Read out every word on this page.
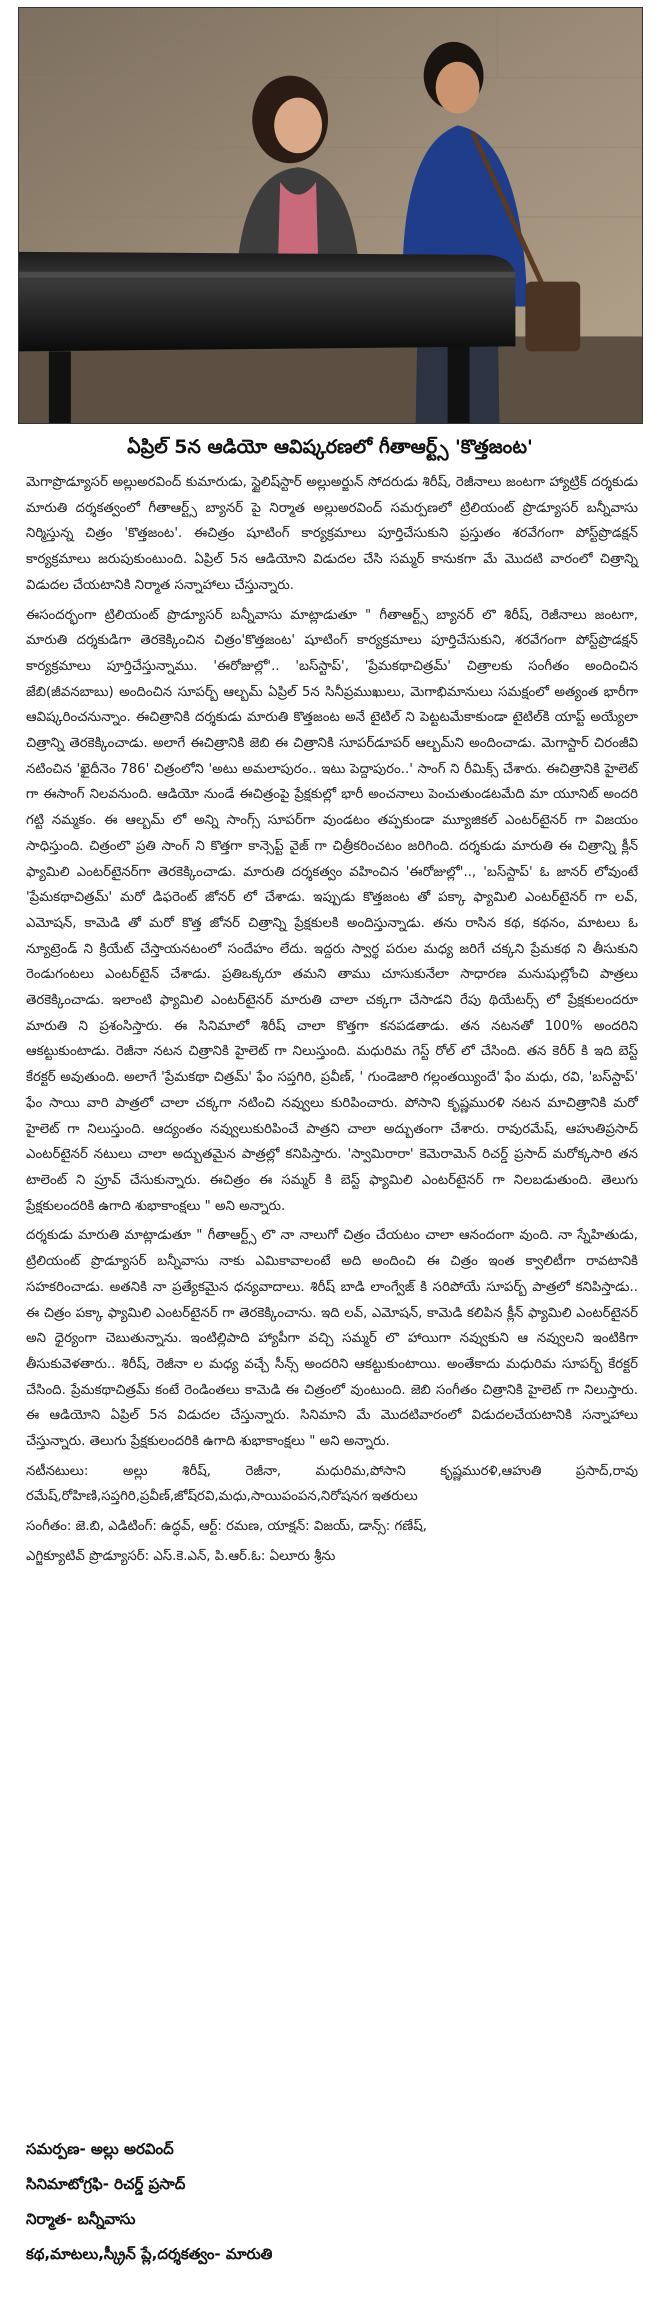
ఏప్రిల్ 5న ఆడియో ఆవిష్కరణలో గీతాఆర్ట్స్ 'కొత్తజంట'

మెగాప్రొడ్యూసర్ అల్లుఅరవింద్ కుమారుడు, స్టైలిష్‌స్టార్ అల్లుఅర్జున్ సోదరుడు శిరీష్, రెజీనాలు జంటగా హ్యాట్రిక్ దర్శకుడు మారుతి దర్శకత్వంలో గీతాఆర్ట్స్ బ్యానర్ పై నిర్మాత అల్లుఅరవింద్ సమర్పణలో ట్రిలియంట్ ప్రొడ్యూసర్ బన్నీవాసు నిర్మిస్తున్న చిత్రం 'కొత్తజంట'. ఈచిత్రం షూటింగ్ కార్యక్రమాలు పూర్తిచేసుకుని ప్రస్తుతం శరవేగంగా పోస్ట్‌ప్రొడక్షన్ కార్యక్రమాలు జరుపుకుంటుంది. ఏప్రిల్ 5న ఆడియోని విడుదల చేసి సమ్మర్ కానుకగా మే మొదటి వారంలో చిత్రాన్ని విడుదల చేయటానికి నిర్మాత సన్నాహాలు చేస్తున్నారు.

ఈసందర్భంగా ట్రిలియంట్ ప్రొడ్యూసర్ బన్నీవాసు మాట్లాడుతూ " గీతాఆర్ట్స్ బ్యానర్ లొ శిరీష్, రెజీనాలు జంటగా, మారుతి దర్శకుడిగా తెరకెక్కించిన చిత్రం'కొత్తజంట' షూటింగ్ కార్యక్రమాలు పూర్తిచేసుకుని, శరవేగంగా పోస్ట్‌ప్రొడక్షన్ కార్యక్రమాలు పూర్తిచేస్తున్నాము. 'ఈరోజుల్లో'.. 'బస్‌స్టాప్', 'ప్రేమకథాచిత్రమ్' చిత్రాలకు సంగీతం అందించిన జేబి(జీవనబాబు) అందించిన సూపర్బ్ ఆల్బమ్ ఏప్రిల్ 5న సినీప్రముఖులు, మెగాభిమానులు సమక్షంలో అత్యంత భారీగా ఆవిష్కరించనున్నాం. ఈచిత్రానికి దర్శకుడు మారుతి కొత్తజంట అనే టైటిల్ ని పెట్టటమేకాకుండా టైటిల్‌కి యాప్ట్ అయ్యేలా చిత్రాన్ని తెరకెక్కించాడు. అలాగే ఈచిత్రానికి జెబి ఈ చిత్రానికి సూపర్‌డూపర్ ఆల్బమ్‌ని అందించాడు. మెగాస్టార్ చిరంజీవి నటించిన 'ఖైదీనెం 786' చిత్రంలోని 'అటు అమలాపురం.. ఇటు పెద్దాపురం..' సాంగ్ ని రీమిక్స్ చేశారు. ఈచిత్రానికి హైలెట్ గా ఈసాంగ్ నిలవనుంది. ఆడియో నుండే ఈచిత్రంపై ప్రేక్షకుల్లో భారీ అంచనాలు పెంచుతుండటమేది మా యూనిట్ అందరి గట్టి నమ్మకం. ఈ ఆల్బమ్ లో అన్ని సాంగ్స్ సూపర్‌గా వుండటం తప్పకుండా మ్యూజికల్ ఎంటర్‌టైనర్ గా విజయం సాధిస్తుంది. చిత్రంలొ ప్రతి సాంగ్ ని కొత్తగా కాన్సెప్ట్ వైజ్ గా చిత్రీకరించటం జరిగింది. దర్శకుడు మారుతి ఈ చిత్రాన్ని క్లీన్ ఫ్యామిలి ఎంటర్‌టైనర్‌గా తెరకెక్కించాడు. మారుతి దర్శకత్వం వహించిన 'ఈరోజుల్లో'.., 'బస్‌స్టాప్' ఓ జానర్ లోవుంటే 'ప్రేమకథాచిత్రమ్' మరో డిఫరెంట్ జోనర్ లో చేశాడు. ఇప్పుడు కొత్తజంట తో పక్కా ఫ్యామిలి ఎంటర్‌టైనర్ గా లవ్, ఎమోషన్, కామెడి తో మరో కొత్త జోనర్ చిత్రాన్ని ప్రేక్షకులకి అందిస్తున్నాడు. తను రాసిన కథ, కథనం, మాటలు ఓ న్యూట్రెండ్ ని క్రియేట్ చేస్తాయనటంలో సందేహం లేదు. ఇద్దరు స్వార్థ పరుల మధ్య జరిగే చక్కని ప్రేమకథ ని తీసుకుని రెండుగంటలు ఎంటర్‌టైన్ చేశాడు. ప్రతిఒక్కరూ తమని తాము చూసుకునేలా సాధారణ మనుషుల్లోంచి పాత్రలు తెరకెక్కించాడు. ఇలాంటి ఫ్యామిలి ఎంటర్‌టైనర్ మారుతి చాలా చక్కగా చేసాడని రేపు థియేటర్స్ లో ప్రేక్షకులందరూ మారుతి ని ప్రశంసిస్తారు. ఈ సినిమాలో శిరీష్ చాలా కొత్తగా కనపడతాడు. తన నటనతో 100% అందరిని ఆకట్టుకుంటాడు. రెజీనా నటన చిత్రానికి హైలెట్ గా నిలుస్తుంది. మధురిమ గెస్ట్ రోల్ లో చేసింది. తన కెరీర్ కి ఇది బెస్ట్ కేరక్టర్ అవుతుంది. అలాగే 'ప్రేమకథా చిత్రమ్' ఫేం సప్తగిరి, ప్రవీణ్, ' గుండెజారి గల్లంతయ్యిందే' ఫేం మధు, రవి, 'బస్‌స్టాప్' ఫేం సాయి వారి పాత్రలో చాలా చక్కగా నటించి నవ్వులు కురిపించారు. పోసాని కృష్ణమురళి నటన మాచిత్రానికి మరో హైలెట్ గా నిలుస్తుంది. ఆద్యంతం నవ్వులుకురిపించే పాత్రని చాలా అద్బుతంగా చేశారు. రావురమేష్, ఆహుతిప్రసాద్ ఎంటర్‌టైనర్ నటులు చాలా అద్బుతమైన పాత్రల్లో కనిపిస్తారు. 'స్వామిరారా' కెమెరామెన్ రిచర్డ్ ప్రసాద్ మరోక్కసారి తన టాలెంట్ ని ప్రూవ్ చేసుకున్నారు. ఈచిత్రం ఈ సమ్మర్ కి బెస్ట్ ఫ్యామిలి ఎంటర్‌టైనర్ గా నిలబడుతుంది. తెలుగు ప్రేక్షకులందరికి ఉగాది శుభాకాంక్షలు " అని అన్నారు.

దర్శకుడు మారుతి మాట్లాడుతూ " గీతాఆర్ట్స్ లొ నా నాలుగో చిత్రం చేయటం చాలా ఆనందంగా వుంది. నా స్నేహితుడు, ట్రిలియంట్ ప్రొడ్యూసర్ బన్నీవాసు నాకు ఎమికావాలంటే అది అందించి ఈ చిత్రం ఇంత క్వాలిటీగా రావటానికి సహకరించాడు. అతనికి నా ప్రత్యేకమైన ధన్యవాదాలు. శిరీష్ బాడి లాంగ్వేజ్ కి సరిపోయే సూపర్బ్ పాత్రలో కనిపిస్తాడు.. ఈ చిత్రం పక్కా ఫ్యామిలి ఎంటర్‌టైనర్ గా తెరకెక్కించాను. ఇది లవ్, ఎమోషన్, కామెడి కలిపిన క్లీన్ ఫ్యామిలి ఎంటర్‌టైనర్ అని ధైర్యంగా చెబుతున్నాను. ఇంటిల్లిపాది హ్యాపీగా వచ్చి సమ్మర్ లొ హాయిగా నవ్వుకుని ఆ నవ్వులని ఇంటికిగా తీసుకువెళతారు.. శిరీష్, రెజీనా ల మధ్య వచ్చే సీన్స్ అందరిని ఆకట్టుకుంటాయి. అంతేకాదు మధురిమ సూపర్బ్ కేరక్టర్ చేసింది. ప్రేమకథాచిత్రమ్ కంటే రెండింతలు కామెడి ఈ చిత్రంలో వుంటుంది. జెబి సంగీతం చిత్రానికి హైలెట్ గా నిలుస్తారు. ఈ ఆడియోని ఏప్రిల్ 5న విడుదల చేస్తున్నారు. సినిమాని మే మొదటివారంలో విడుదలచేయటానికి సన్నాహాలు చేస్తున్నారు. తెలుగు ప్రేక్షకులందరికి ఉగాది శుభాకాంక్షలు " అని అన్నారు.

నటీనటులు: అల్లు శిరీష్, రెజీనా, మధురిమ,పోసాని కృష్ణమురళి,ఆహుతి ప్రసాద్,రావు రమేష్,రోహిణి,సప్తగిరి,ప్రవీణ్,జోష్‌రవి,మధు,సాయిపంపన,నిరోషనగ ఇతరులు

సంగీతం: జె.బి, ఎడిటింగ్: ఉద్ధవ్, ఆర్ట్: రమణ, యాక్షన్: విజయ్, డాన్స్: గణేష్,

ఎగ్జిక్యూటివ్ ప్రొడ్యూసర్: ఎస్.కె.ఎన్, పి.ఆర్.ఓ: ఏలూరు శ్రీను

సమర్పణ- అల్లు అరవింద్
సినిమాటోగ్రఫి- రిచర్డ్ ప్రసాద్
నిర్మాత- బన్నీవాసు
కథ,మాటలు,స్క్రీన్ ప్లే,దర్శకత్వం- మారుతి
